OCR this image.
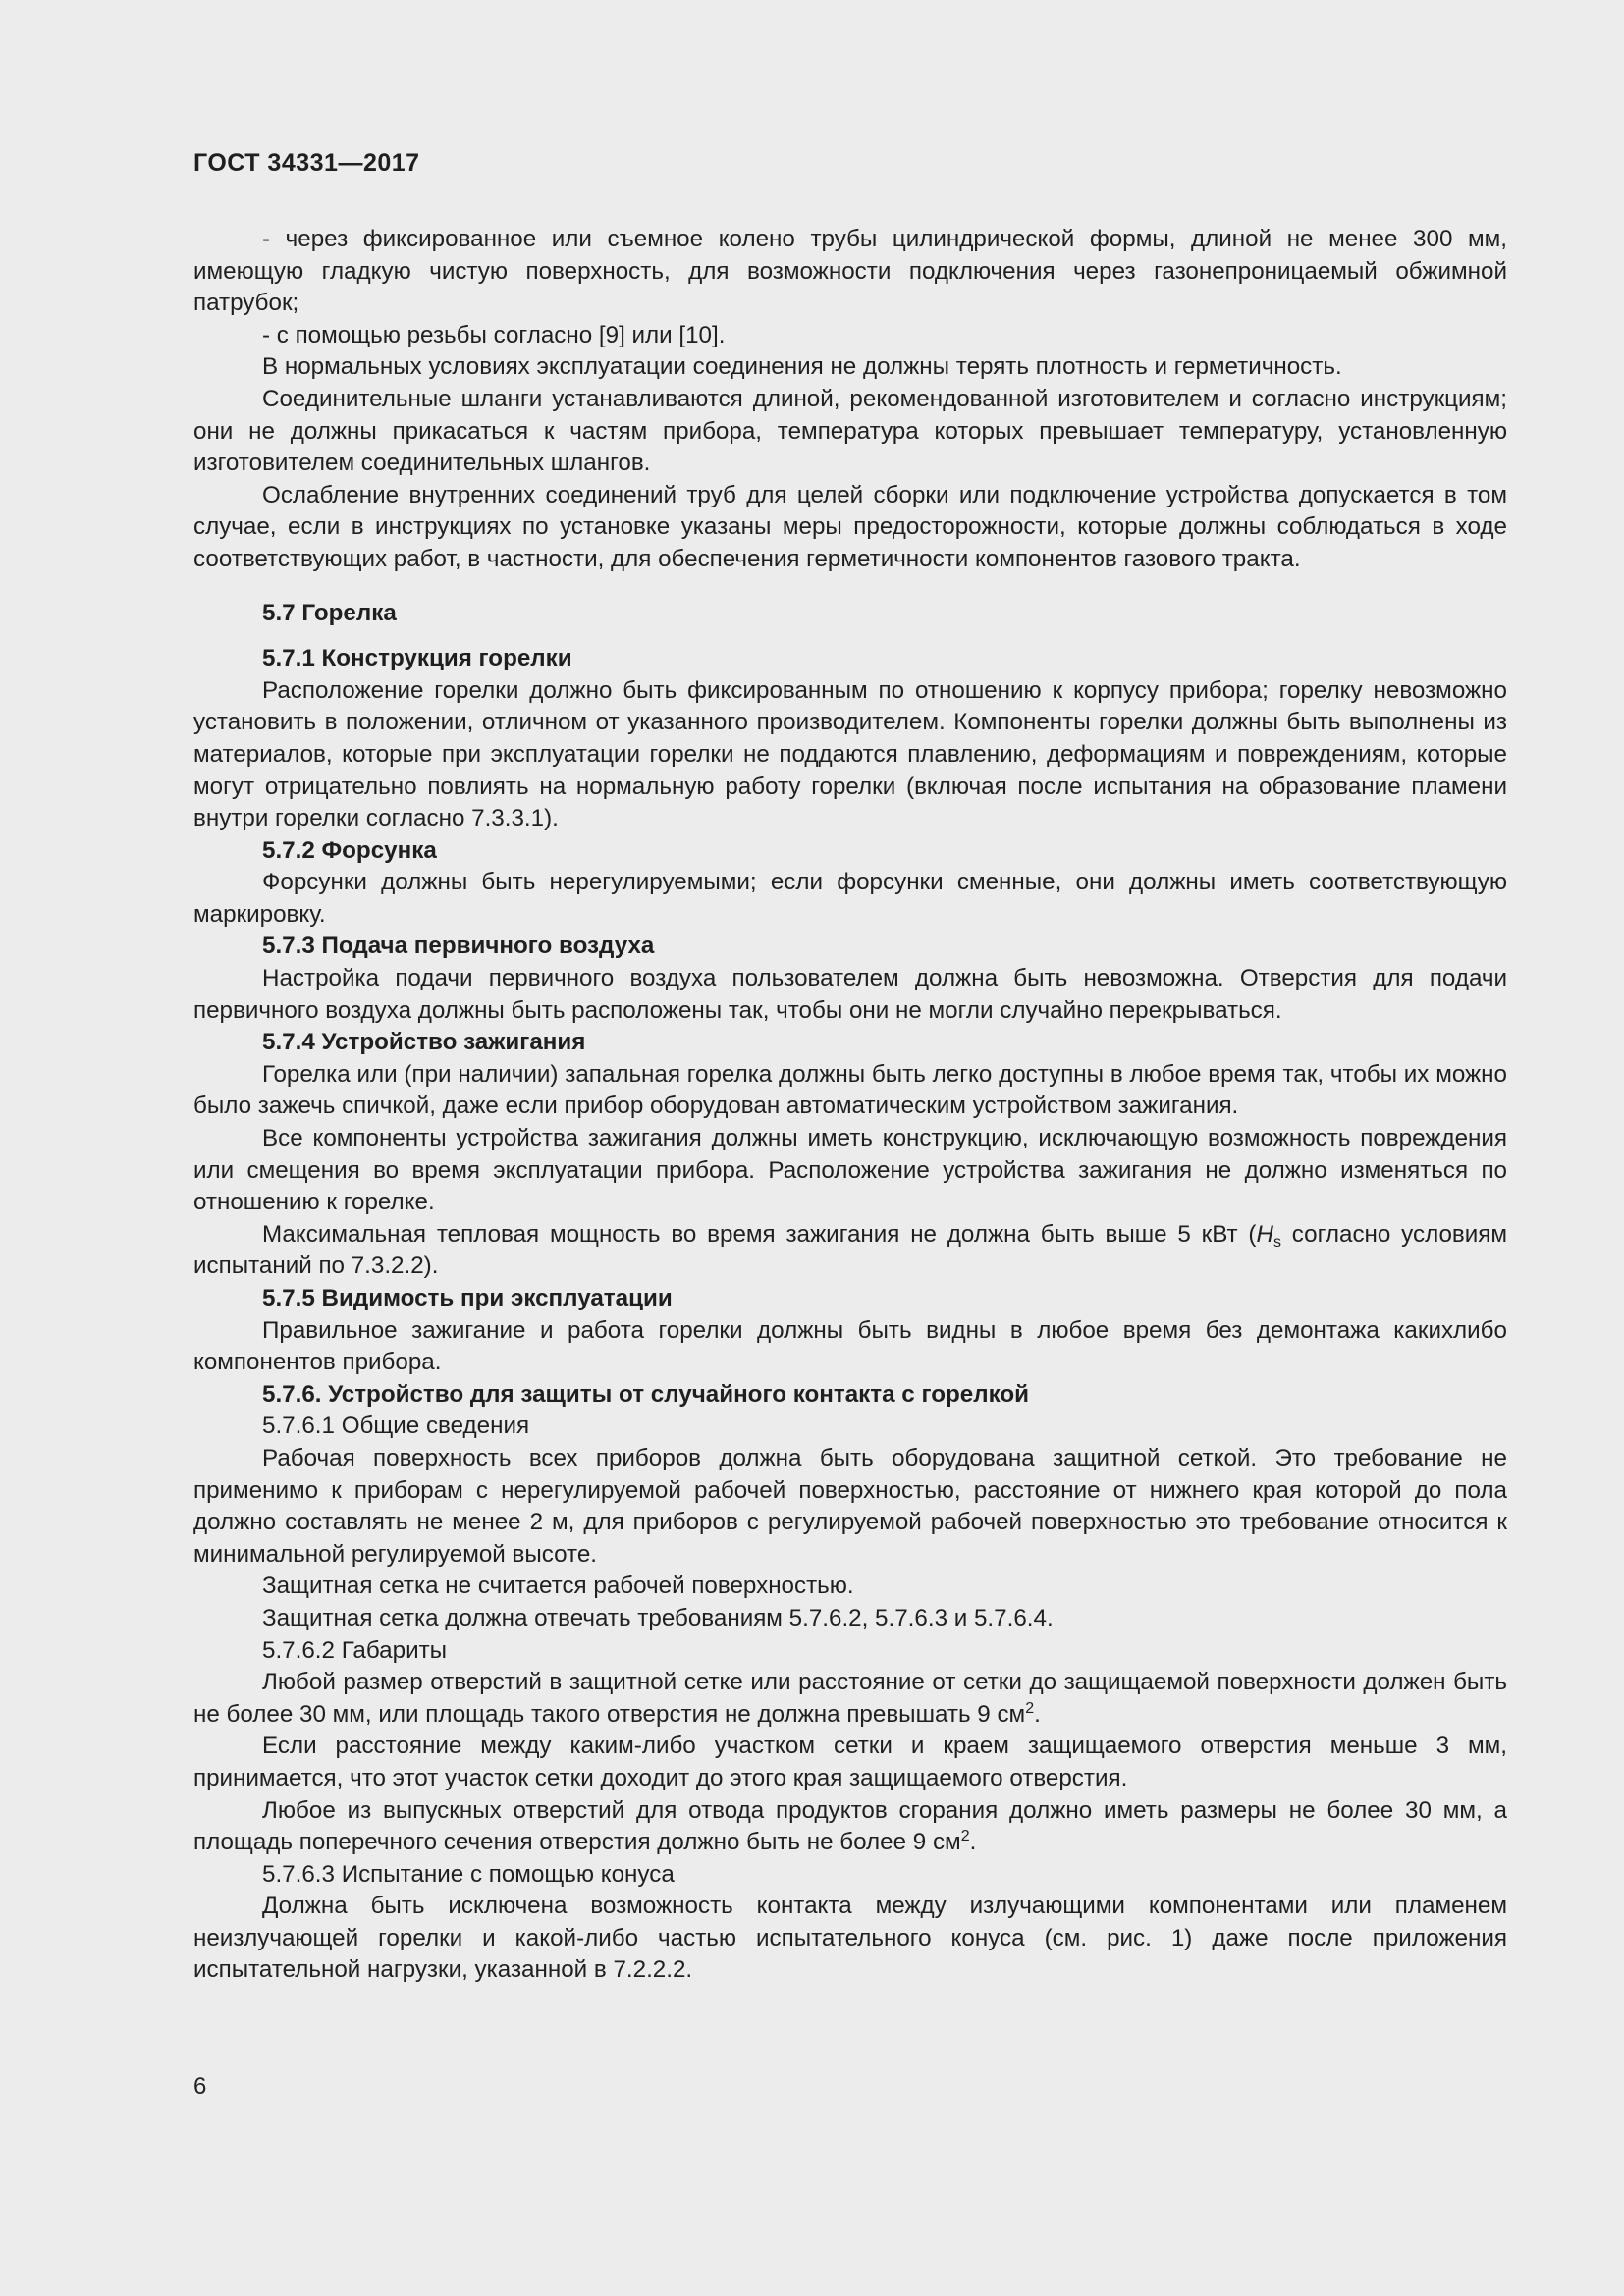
ГОСТ 34331—2017

- через фиксированное или съемное колено трубы цилиндрической формы, длиной не менее 300 мм, имеющую гладкую чистую поверхность, для возможности подключения через газонепроницаемый обжимной патрубок;

- с помощью резьбы согласно [9] или [10].

В нормальных условиях эксплуатации соединения не должны терять плотность и герметичность.

Соединительные шланги устанавливаются длиной, рекомендованной изготовителем и согласно инструкциям; они не должны прикасаться к частям прибора, температура которых превышает температуру, установленную изготовителем соединительных шлангов.

Ослабление внутренних соединений труб для целей сборки или подключение устройства допускается в том случае, если в инструкциях по установке указаны меры предосторожности, которые должны соблюдаться в ходе соответствующих работ, в частности, для обеспечения герметичности компонентов газового тракта.

5.7 Горелка

5.7.1 Конструкция горелки

Расположение горелки должно быть фиксированным по отношению к корпусу прибора; горелку невозможно установить в положении, отличном от указанного производителем. Компоненты горелки должны быть выполнены из материалов, которые при эксплуатации горелки не поддаются плавлению, деформациям и повреждениям, которые могут отрицательно повлиять на нормальную работу горелки (включая после испытания на образование пламени внутри горелки согласно 7.3.3.1).

5.7.2 Форсунка

Форсунки должны быть нерегулируемыми; если форсунки сменные, они должны иметь соответствующую маркировку.

5.7.3 Подача первичного воздуха

Настройка подачи первичного воздуха пользователем должна быть невозможна. Отверстия для подачи первичного воздуха должны быть расположены так, чтобы они не могли случайно перекрываться.

5.7.4 Устройство зажигания

Горелка или (при наличии) запальная горелка должны быть легко доступны в любое время так, чтобы их можно было зажечь спичкой, даже если прибор оборудован автоматическим устройством зажигания.

Все компоненты устройства зажигания должны иметь конструкцию, исключающую возможность повреждения или смещения во время эксплуатации прибора. Расположение устройства зажигания не должно изменяться по отношению к горелке.

Максимальная тепловая мощность во время зажигания не должна быть выше 5 кВт ($H_s$ согласно условиям испытаний по 7.3.2.2).

5.7.5 Видимость при эксплуатации

Правильное зажигание и работа горелки должны быть видны в любое время без демонтажа какихлибо компонентов прибора.

5.7.6. Устройство для защиты от случайного контакта с горелкой

5.7.6.1 Общие сведения

Рабочая поверхность всех приборов должна быть оборудована защитной сеткой. Это требование не применимо к приборам с нерегулируемой рабочей поверхностью, расстояние от нижнего края которой до пола должно составлять не менее 2 м, для приборов с регулируемой рабочей поверхностью это требование относится к минимальной регулируемой высоте.

Защитная сетка не считается рабочей поверхностью.

Защитная сетка должна отвечать требованиям 5.7.6.2, 5.7.6.3 и 5.7.6.4.

5.7.6.2 Габариты

Любой размер отверстий в защитной сетке или расстояние от сетки до защищаемой поверхности должен быть не более 30 мм, или площадь такого отверстия не должна превышать 9 $см^2$.

Если расстояние между каким-либо участком сетки и краем защищаемого отверстия меньше 3 мм, принимается, что этот участок сетки доходит до этого края защищаемого отверстия.

Любое из выпускных отверстий для отвода продуктов сгорания должно иметь размеры не более 30 мм, а площадь поперечного сечения отверстия должно быть не более 9 $см^2$.

5.7.6.3 Испытание с помощью конуса

Должна быть исключена возможность контакта между излучающими компонентами или пламенем неизлучающей горелки и какой-либо частью испытательного конуса (см. рис. 1) даже после приложения испытательной нагрузки, указанной в 7.2.2.2.

6
